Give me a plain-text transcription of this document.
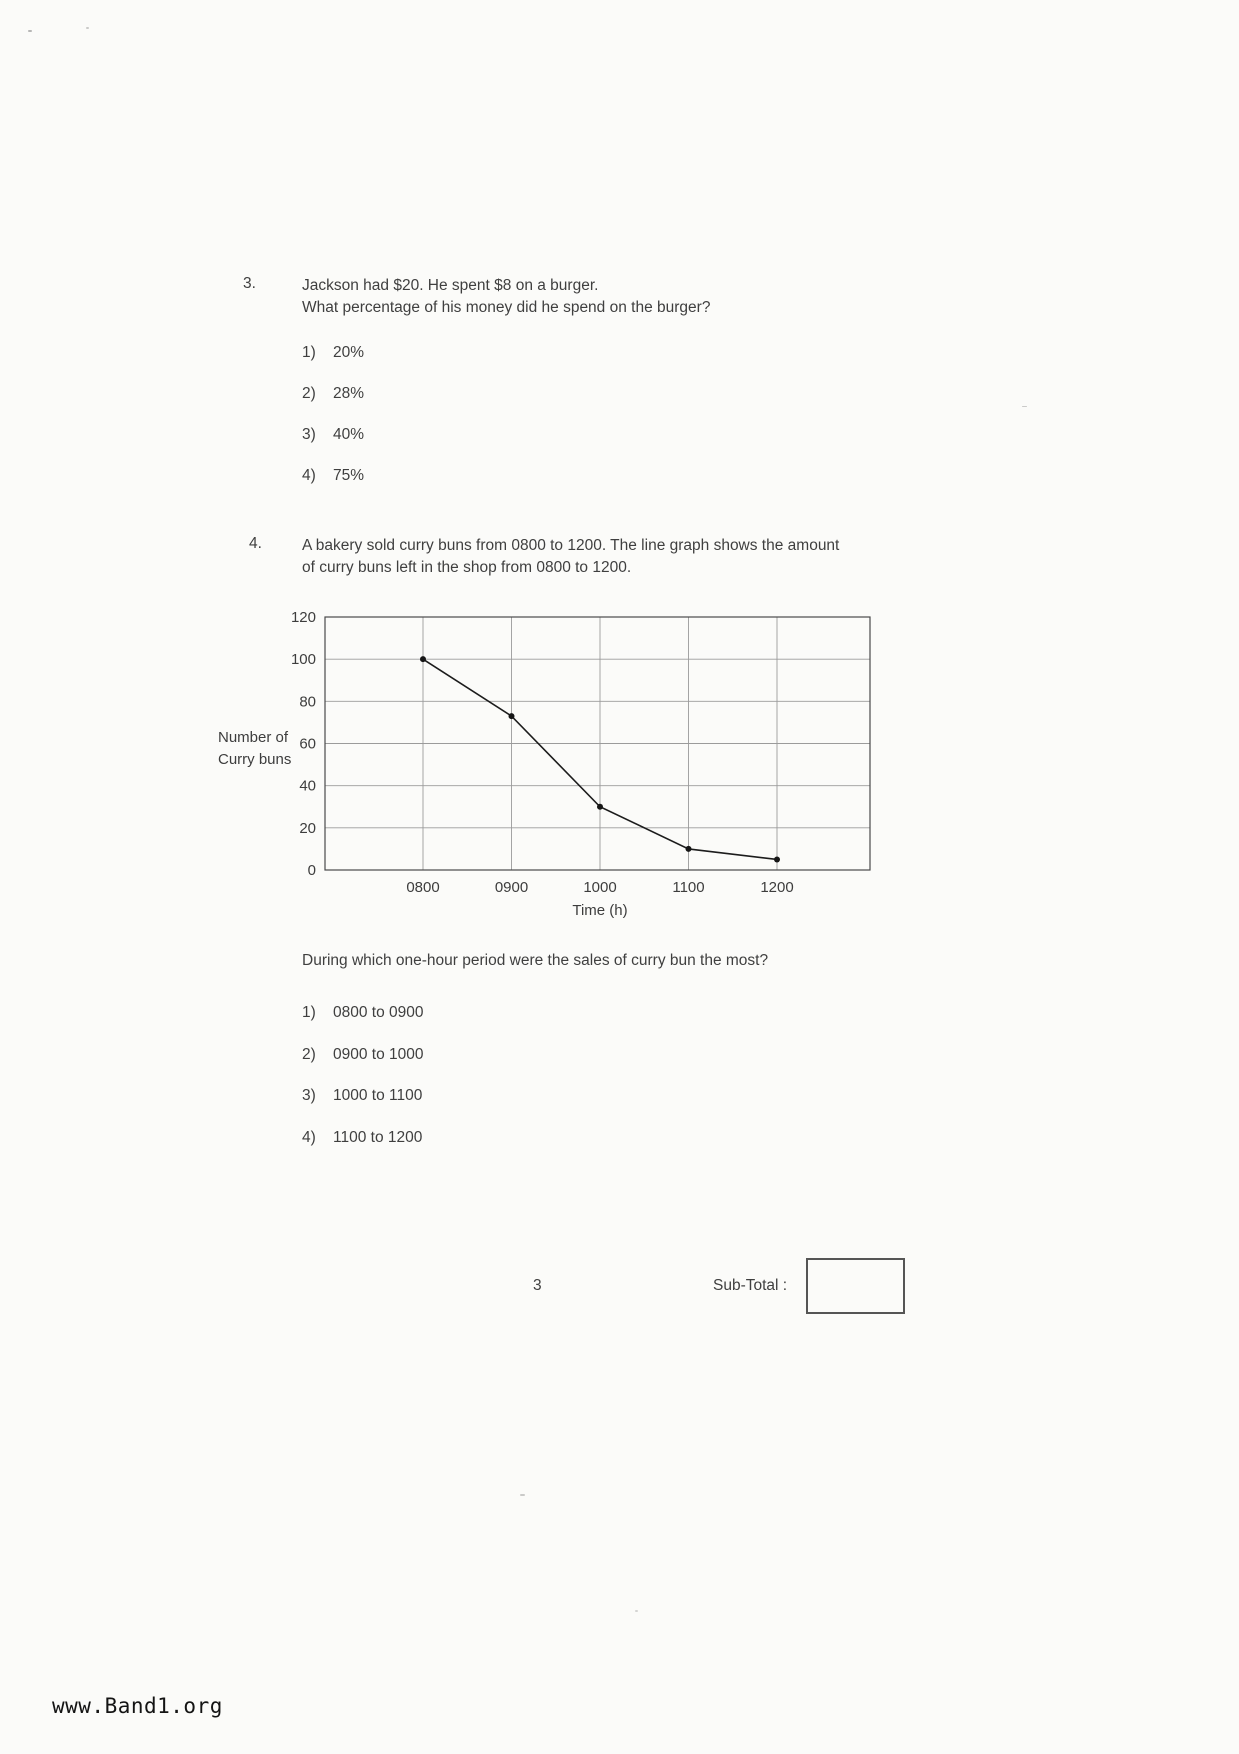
3.	Jackson had $20. He spent $8 on a burger.
What percentage of his money did he spend on the burger?
1) 20%
2) 28%
3) 40%
4) 75%
4.	A bakery sold curry buns from 0800 to 1200. The line graph shows the amount
of curry buns left in the shop from 0800 to 1200.
0
20
40
60
80
100
120
0800	0900	1000	1100	1200
Time (h)
Number of
Curry buns
During which one-hour period were the sales of curry bun the most?
1) 0800 to 0900
2) 0900 to 1000
3) 1000 to 1100
4) 1100 to 1200
3	Sub-Total :
www.Band1.org
